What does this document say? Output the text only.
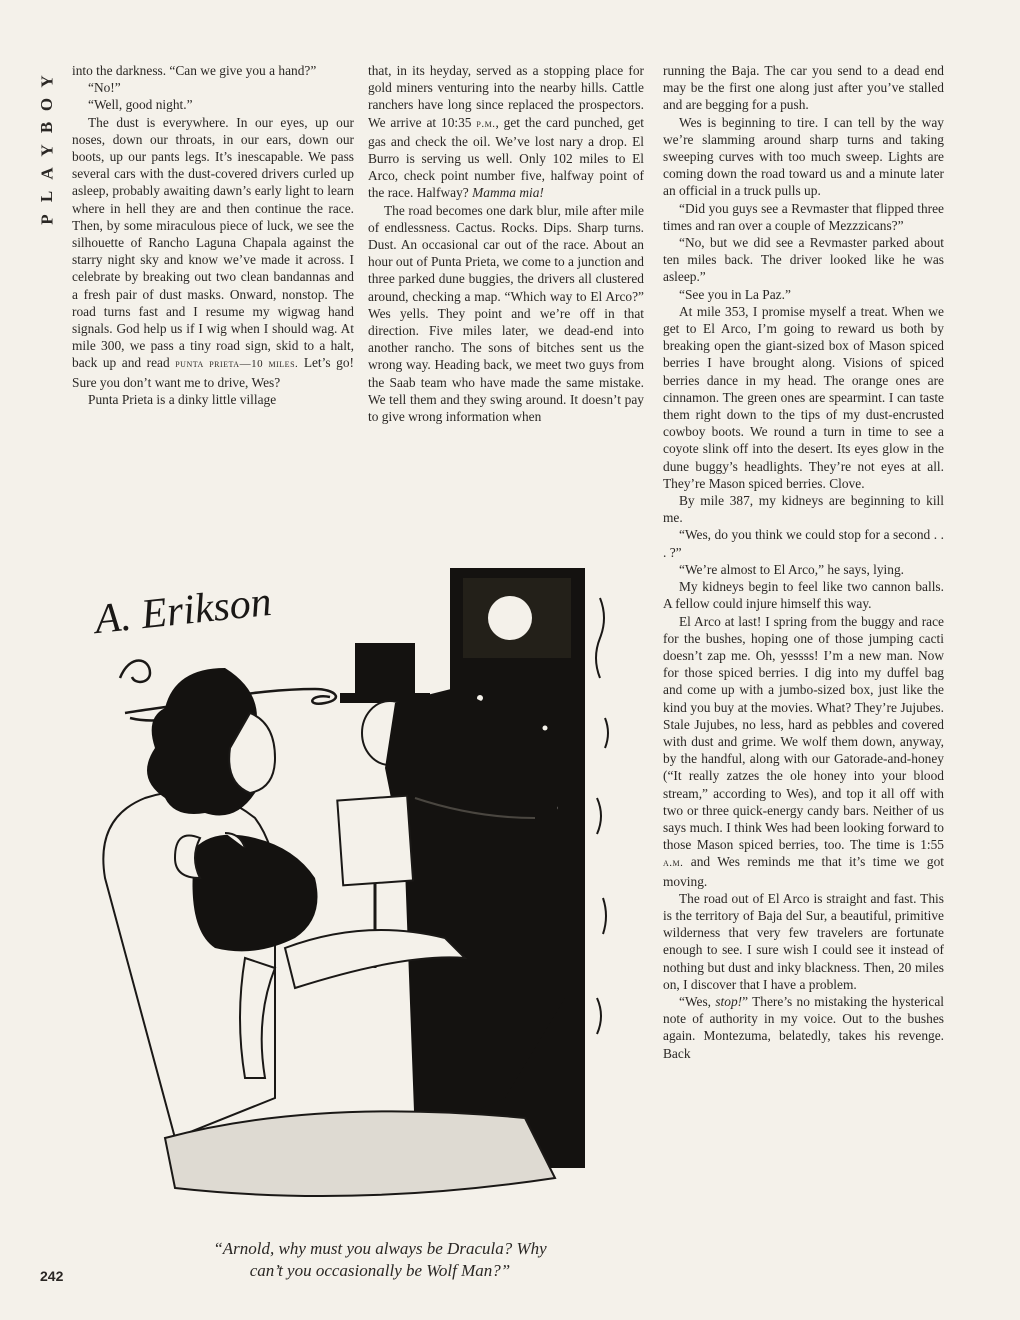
Y
O
B
Y
A
L
P

into the darkness. “Can we give you a hand?”

“No!”

“Well, good night.”

The dust is everywhere. In our eyes, up our noses, down our throats, in our ears, down our boots, up our pants legs. It’s inescapable. We pass several cars with the dust-covered drivers curled up asleep, probably awaiting dawn’s early light to learn where in hell they are and then continue the race. Then, by some miraculous piece of luck, we see the silhouette of Rancho Laguna Chapala against the starry night sky and know we’ve made it across. I celebrate by breaking out two clean bandannas and a fresh pair of dust masks. Onward, nonstop. The road turns fast and I resume my wigwag hand signals. God help us if I wig when I should wag. At mile 300, we pass a tiny road sign, skid to a halt, back up and read punta prieta—10 miles. Let’s go! Sure you don’t want me to drive, Wes?

Punta Prieta is a dinky little village

that, in its heyday, served as a stopping place for gold miners venturing into the nearby hills. Cattle ranchers have long since replaced the prospectors. We arrive at 10:35 p.m., get the card punched, get gas and check the oil. We’ve lost nary a drop. El Burro is serving us well. Only 102 miles to El Arco, check point number five, halfway point of the race. Halfway? Mamma mia!

The road becomes one dark blur, mile after mile of endlessness. Cactus. Rocks. Dips. Sharp turns. Dust. An occasional car out of the race. About an hour out of Punta Prieta, we come to a junction and three parked dune buggies, the drivers all clustered around, checking a map. “Which way to El Arco?” Wes yells. They point and we’re off in that direction. Five miles later, we dead-end into another rancho. The sons of bitches sent us the wrong way. Heading back, we meet two guys from the Saab team who have made the same mistake. We tell them and they swing around. It doesn’t pay to give wrong information when

running the Baja. The car you send to a dead end may be the first one along just after you’ve stalled and are begging for a push.

Wes is beginning to tire. I can tell by the way we’re slamming around sharp turns and taking sweeping curves with too much sweep. Lights are coming down the road toward us and a minute later an official in a truck pulls up.

“Did you guys see a Revmaster that flipped three times and ran over a couple of Mezzzicans?”

“No, but we did see a Revmaster parked about ten miles back. The driver looked like he was asleep.”

“See you in La Paz.”

At mile 353, I promise myself a treat. When we get to El Arco, I’m going to reward us both by breaking open the giant-sized box of Mason spiced berries I have brought along. Visions of spiced berries dance in my head. The orange ones are cinnamon. The green ones are spearmint. I can taste them right down to the tips of my dust-encrusted cowboy boots. We round a turn in time to see a coyote slink off into the desert. Its eyes glow in the dune buggy’s headlights. They’re not eyes at all. They’re Mason spiced berries. Clove.

By mile 387, my kidneys are beginning to kill me.

“Wes, do you think we could stop for a second . . . ?”

“We’re almost to El Arco,” he says, lying.

My kidneys begin to feel like two cannon balls. A fellow could injure himself this way.

El Arco at last! I spring from the buggy and race for the bushes, hoping one of those jumping cacti doesn’t zap me. Oh, yessss! I’m a new man. Now for those spiced berries. I dig into my duffel bag and come up with a jumbo-sized box, just like the kind you buy at the movies. What? They’re Jujubes. Stale Jujubes, no less, hard as pebbles and covered with dust and grime. We wolf them down, anyway, by the handful, along with our Gatorade-and-honey (“It really zatzes the ole honey into your blood stream,” according to Wes), and top it all off with two or three quick-energy candy bars. Neither of us says much. I think Wes had been looking forward to those Mason spiced berries, too. The time is 1:55 a.m. and Wes reminds me that it’s time we got moving.

The road out of El Arco is straight and fast. This is the territory of Baja del Sur, a beautiful, primitive wilderness that very few travelers are fortunate enough to see. I sure wish I could see it instead of nothing but dust and inky blackness. Then, 20 miles on, I discover that I have a problem.

“Wes, stop!” There’s no mistaking the hysterical note of authority in my voice. Out to the bushes again. Montezuma, belatedly, takes his revenge. Back

A. Erikson
“Arnold, why must you always be Dracula? Why
can’t you occasionally be Wolf Man?”
242
